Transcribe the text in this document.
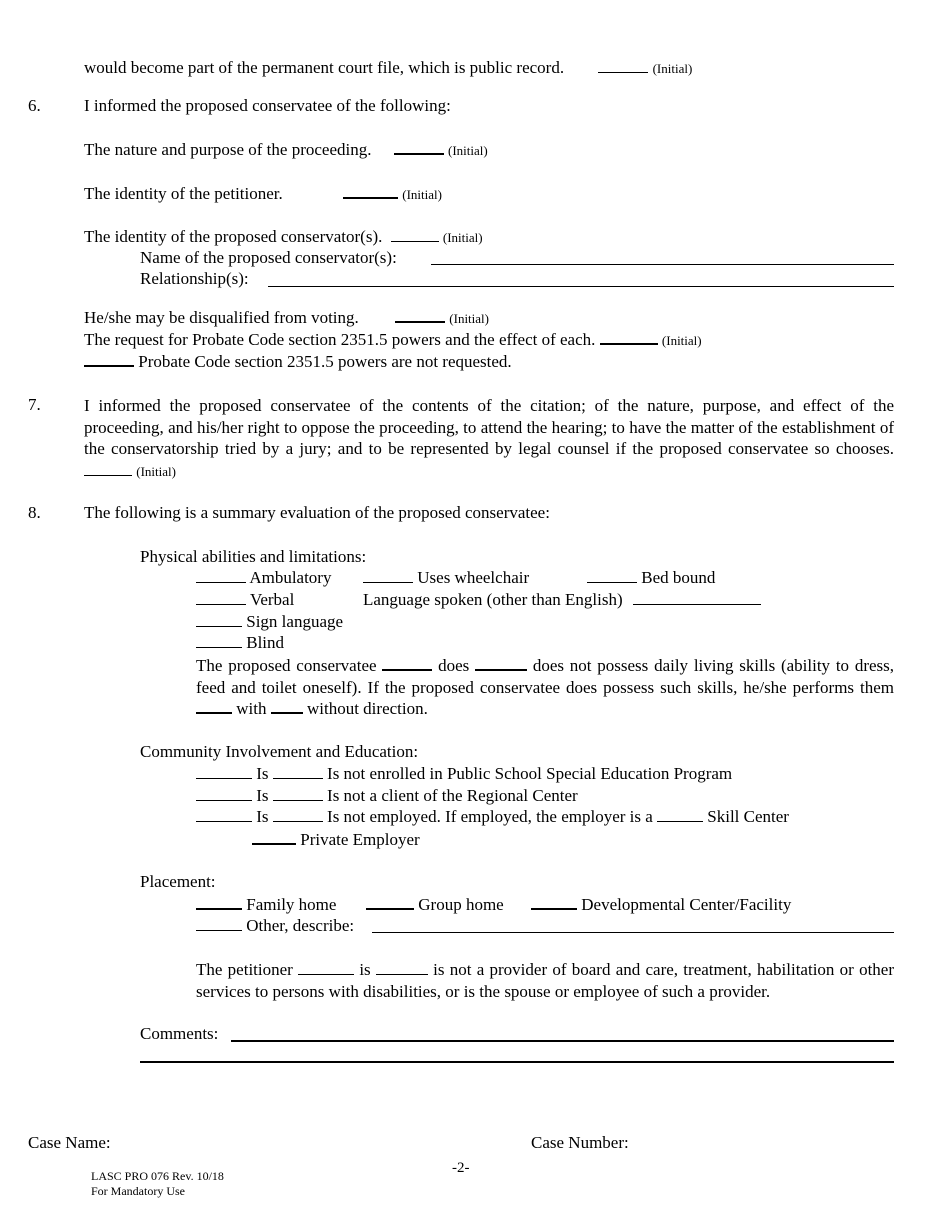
would become part of the permanent court file, which is public record.	(Initial)
6.	I informed the proposed conservatee of the following:
The nature and purpose of the proceeding.	(Initial)
The identity of the petitioner.	(Initial)
The identity of the proposed conservator(s).	(Initial)
Name of the proposed conservator(s):
Relationship(s):
He/she may be disqualified from voting.	(Initial)
The request for Probate Code section 2351.5 powers and the effect of each.	(Initial)
Probate Code section 2351.5 powers are not requested.
7.	I informed the proposed conservatee of the contents of the citation; of the nature, purpose, and effect of the proceeding, and his/her right to oppose the proceeding, to attend the hearing; to have the matter of the establishment of the conservatorship tried by a jury; and to be represented by legal counsel if the proposed conservatee so chooses.  (Initial)
8.	The following is a summary evaluation of the proposed conservatee:
Physical abilities and limitations:
Ambulatory	Uses wheelchair	Bed bound
Verbal	Language spoken (other than English)
Sign language
Blind
The proposed conservatee	does	does not possess daily living skills (ability to dress, feed and toilet oneself). If the proposed conservatee does possess such skills, he/she performs them  with without direction.
Community Involvement and Education:
Is	Is not enrolled in Public School Special Education Program
Is	Is not a client of the Regional Center
Is	Is not employed. If employed, the employer is a	Skill Center
Private Employer
Placement:
Family home	Group home	Developmental Center/Facility
Other, describe:
The petitioner	is	is not a provider of board and care, treatment, habilitation or other services to persons with disabilities, or is the spouse or employee of such a provider.
Comments:
Case Name:	Case Number:
-2-
LASC PRO 076 Rev. 10/18
For Mandatory Use
